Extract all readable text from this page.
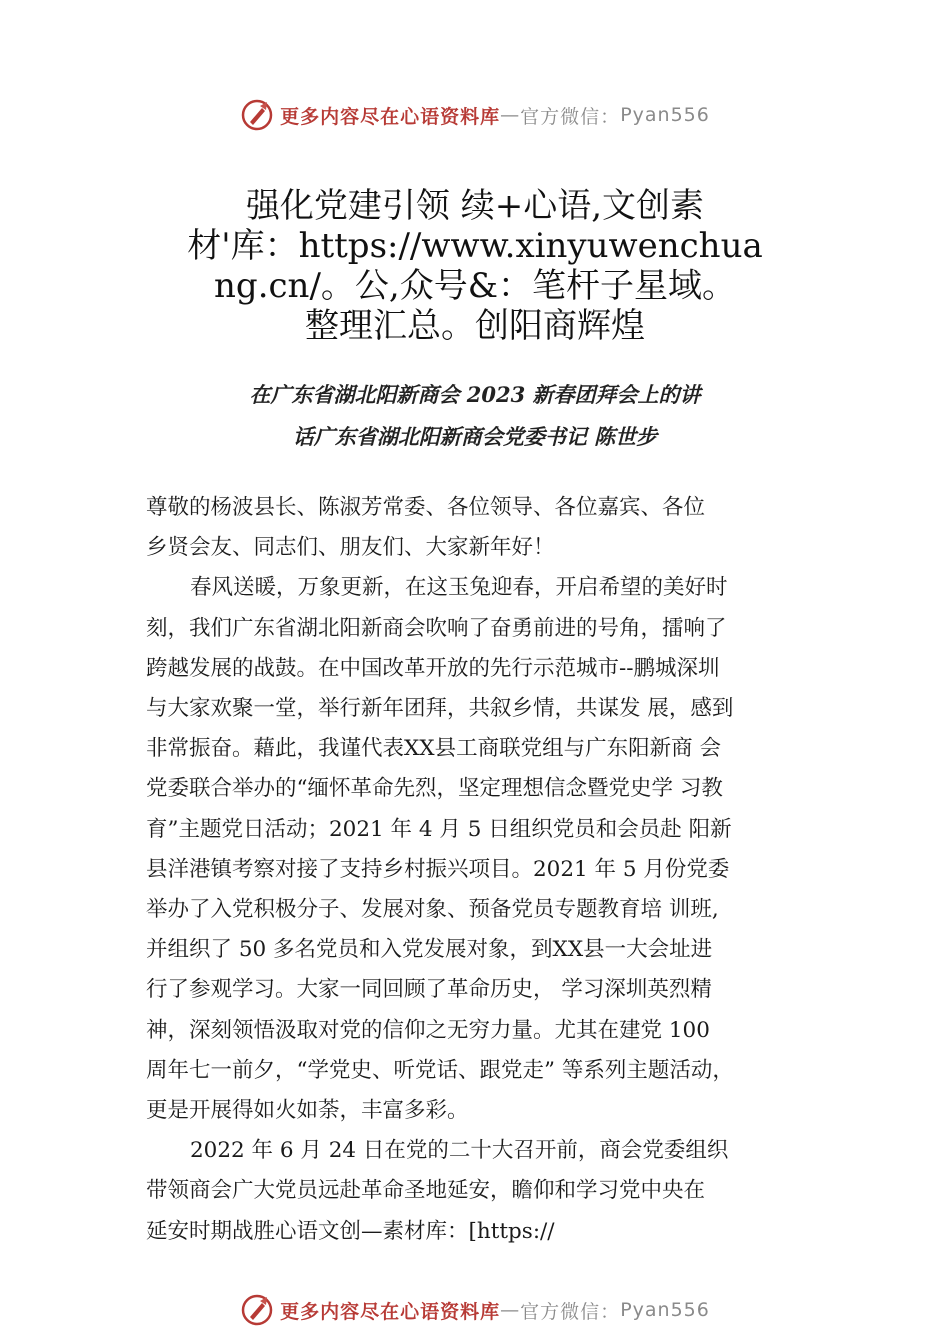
更多内容尽在心语资料库 — 官方微信： Pyan556
强化党建引领 续+心语,文创素
材'库：https://www.xinyuwenchua
ng.cn/。公,众号&：笔杆子星域。
整理汇总。创阳商辉煌
在广东省湖北阳新商会 2023 新春团拜会上的讲
话广东省湖北阳新商会党委书记 陈世步
尊敬的杨波县长、陈淑芳常委、各位领导、各位嘉宾、各位
乡贤会友、同志们、朋友们、大家新年好！
春风送暖，万象更新，在这玉兔迎春，开启希望的美好时
刻，我们广东省湖北阳新商会吹响了奋勇前进的号角，擂响了
跨越发展的战鼓。在中国改革开放的先行示范城市--鹏城深圳
与大家欢聚一堂，举行新年团拜，共叙乡情，共谋发 展，感到
非常振奋。藉此，我谨代表XX县工商联党组与广东阳新商 会
党委联合举办的“缅怀革命先烈，坚定理想信念暨党史学 习教
育”主题党日活动；2021 年 4 月 5 日组织党员和会员赴 阳新
县洋港镇考察对接了支持乡村振兴项目。2021 年 5 月份党委
举办了入党积极分子、发展对象、预备党员专题教育培 训班,
并组织了 50 多名党员和入党发展对象，到XX县一大会址进
行了参观学习。大家一同回顾了革命历史， 学习深圳英烈精
神，深刻领悟汲取对党的信仰之无穷力量。尤其在建党 100
周年七一前夕，“学党史、听党话、跟党走” 等系列主题活动，
更是开展得如火如荼，丰富多彩。
2022 年 6 月 24 日在党的二十大召开前，商会党委组织
带领商会广大党员远赴革命圣地延安，瞻仰和学习党中央在
延安时期战胜心语文创—素材库：[https://
更多内容尽在心语资料库 — 官方微信： Pyan556
